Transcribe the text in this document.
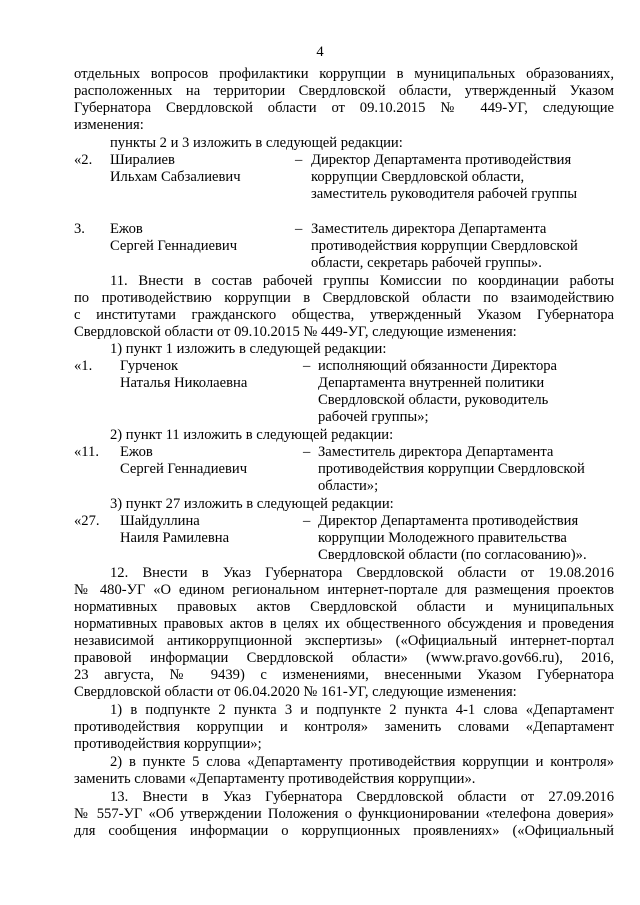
4
отдельных вопросов профилактики коррупции в муниципальных образованиях,
расположенных на территории Свердловской области, утвержденный Указом
Губернатора Свердловской области от 09.10.2015 № 449-УГ, следующие
изменения:
пункты 2 и 3 изложить в следующей редакции:
«2. Ширалиев
Ильхам Сабзалиевич
– Директор Департамента противодействия
коррупции Свердловской области,
заместитель руководителя рабочей группы
3. Ежов
Сергей Геннадиевич
– Заместитель директора Департамента
противодействия коррупции Свердловской
области, секретарь рабочей группы».
11. Внести в состав рабочей группы Комиссии по координации работы
по противодействию коррупции в Свердловской области по взаимодействию
с институтами гражданского общества, утвержденный Указом Губернатора
Свердловской области от 09.10.2015 № 449-УГ, следующие изменения:
1) пункт 1 изложить в следующей редакции:
«1. Гурченок
Наталья Николаевна
– исполняющий обязанности Директора
Департамента внутренней политики
Свердловской области, руководитель
рабочей группы»;
2) пункт 11 изложить в следующей редакции:
«11. Ежов
Сергей Геннадиевич
– Заместитель директора Департамента
противодействия коррупции Свердловской
области»;
3) пункт 27 изложить в следующей редакции:
«27. Шайдуллина
Наиля Рамилевна
– Директор Департамента противодействия
коррупции Молодежного правительства
Свердловской области (по согласованию)».
12. Внести в Указ Губернатора Свердловской области от 19.08.2016
№ 480-УГ «О едином региональном интернет-портале для размещения проектов
нормативных правовых актов Свердловской области и муниципальных
нормативных правовых актов в целях их общественного обсуждения и проведения
независимой антикоррупционной экспертизы» («Официальный интернет-портал
правовой информации Свердловской области» (www.pravo.gov66.ru), 2016,
23 августа, № 9439) с изменениями, внесенными Указом Губернатора
Свердловской области от 06.04.2020 № 161-УГ, следующие изменения:
1) в подпункте 2 пункта 3 и подпункте 2 пункта 4-1 слова «Департамент
противодействия коррупции и контроля» заменить словами «Департамент
противодействия коррупции»;
2) в пункте 5 слова «Департаменту противодействия коррупции и контроля»
заменить словами «Департаменту противодействия коррупции».
13. Внести в Указ Губернатора Свердловской области от 27.09.2016
№ 557-УГ «Об утверждении Положения о функционировании «телефона доверия»
для сообщения информации о коррупционных проявлениях» («Официальный
